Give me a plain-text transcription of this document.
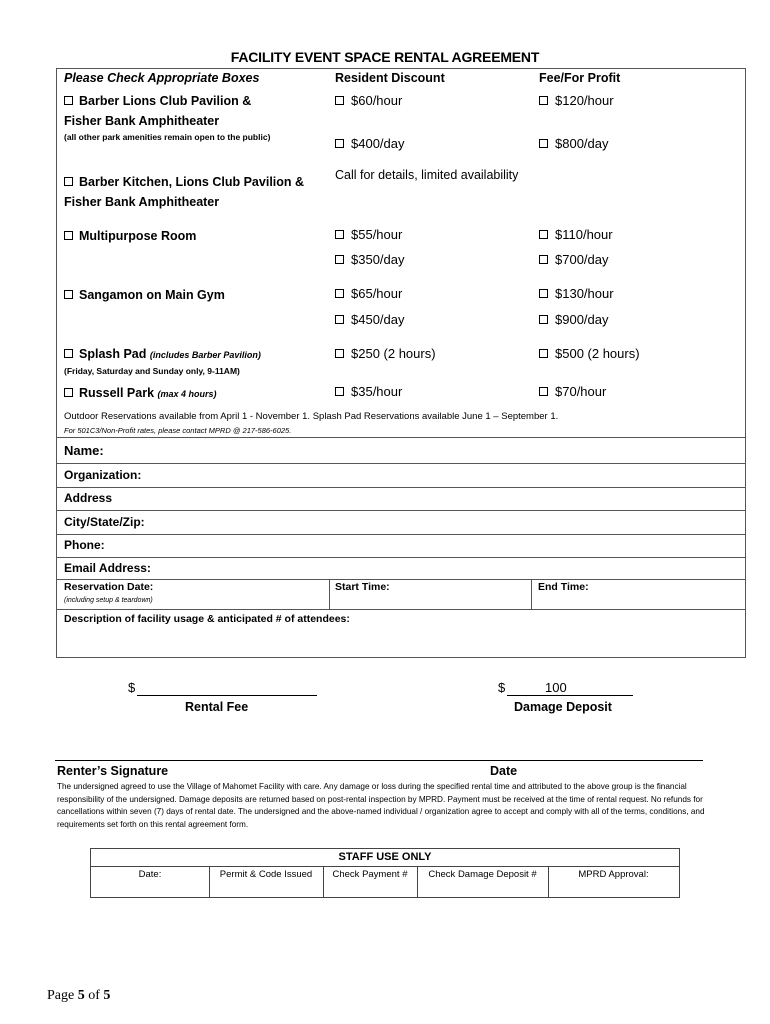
FACILITY EVENT SPACE RENTAL AGREEMENT
Please Check Appropriate Boxes	Resident Discount	Fee/For Profit
Barber Lions Club Pavilion &
Fisher Bank Amphitheater
(all other park amenities remain open to the public)
$60/hour	$120/hour
$400/day	$800/day
Barber Kitchen, Lions Club Pavilion &
Fisher Bank Amphitheater
Call for details, limited availability
Multipurpose Room	$55/hour	$110/hour
$350/day	$700/day
Sangamon on Main Gym	$65/hour	$130/hour
$450/day	$900/day
Splash Pad (includes Barber Pavilion)
(Friday, Saturday and Sunday only, 9-11AM)
$250 (2 hours)	$500 (2 hours)
Russell Park (max 4 hours)	$35/hour	$70/hour
Outdoor Reservations available from April 1 - November 1. Splash Pad Reservations available June 1 – September 1.
For 501C3/Non-Profit rates, please contact MPRD @ 217-586-6025.
Name:
Organization:
Address
City/State/Zip:
Phone:
Email Address:
Reservation Date:
(including setup & teardown)
Start Time:	End Time:
Description of facility usage & anticipated # of attendees:
$
Rental Fee
$	100
Damage Deposit
Renter’s Signature	Date
The undersigned agreed to use the Village of Mahomet Facility with care. Any damage or loss during the specified rental time and attributed to the above group is the financial responsibility of the undersigned. Damage deposits are returned based on post-rental inspection by MPRD. Payment must be received at the time of rental request. No refunds for cancellations within seven (7) days of rental date. The undersigned and the above-named individual / organization agree to accept and comply with all of the terms, conditions, and requirements set forth on this rental agreement form.
STAFF USE ONLY
Date:	Permit & Code Issued	Check Payment #	Check Damage Deposit #	MPRD Approval:
Page 5 of 5
